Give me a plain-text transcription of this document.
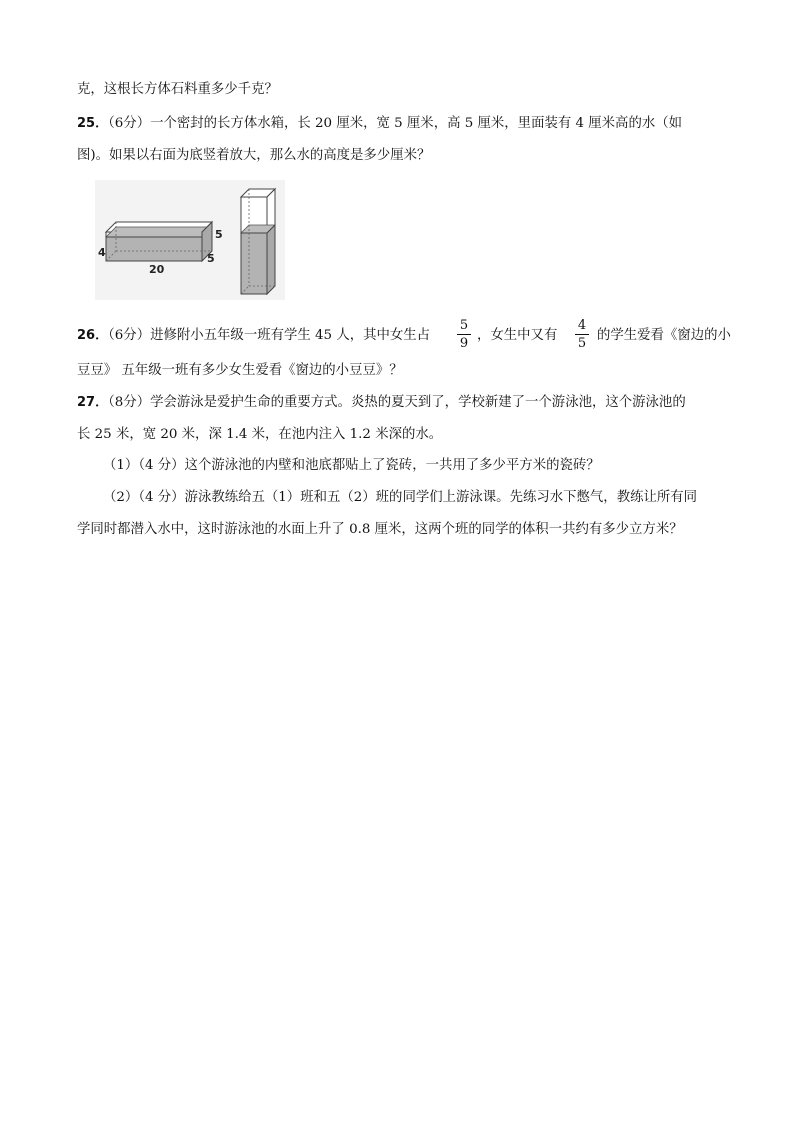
克，这根长方体石料重多少千克？
25．（6分）一个密封的长方体水箱，长 20 厘米，宽 5 厘米，高 5 厘米，里面装有 4 厘米高的水（如
图)。如果以右面为底竖着放大，那么水的高度是多少厘米？
4
5
5
20
26．（6分）进修附小五年级一班有学生 45 人，其中女生占
5
9
，女生中又有
4
5
的学生爱看《窗边的小
豆豆》 五年级一班有多少女生爱看《窗边的小豆豆》？
27．（8分）学会游泳是爱护生命的重要方式。炎热的夏天到了，学校新建了一个游泳池，这个游泳池的
长 25 米，宽 20 米，深 1.4 米，在池内注入 1.2 米深的水。
（1）（4 分）这个游泳池的内壁和池底都贴上了瓷砖，一共用了多少平方米的瓷砖？
（2）（4 分）游泳教练给五（1）班和五（2）班的同学们上游泳课。先练习水下憋气，教练让所有同
学同时都潜入水中，这时游泳池的水面上升了 0.8 厘米，这两个班的同学的体积一共约有多少立方米？
